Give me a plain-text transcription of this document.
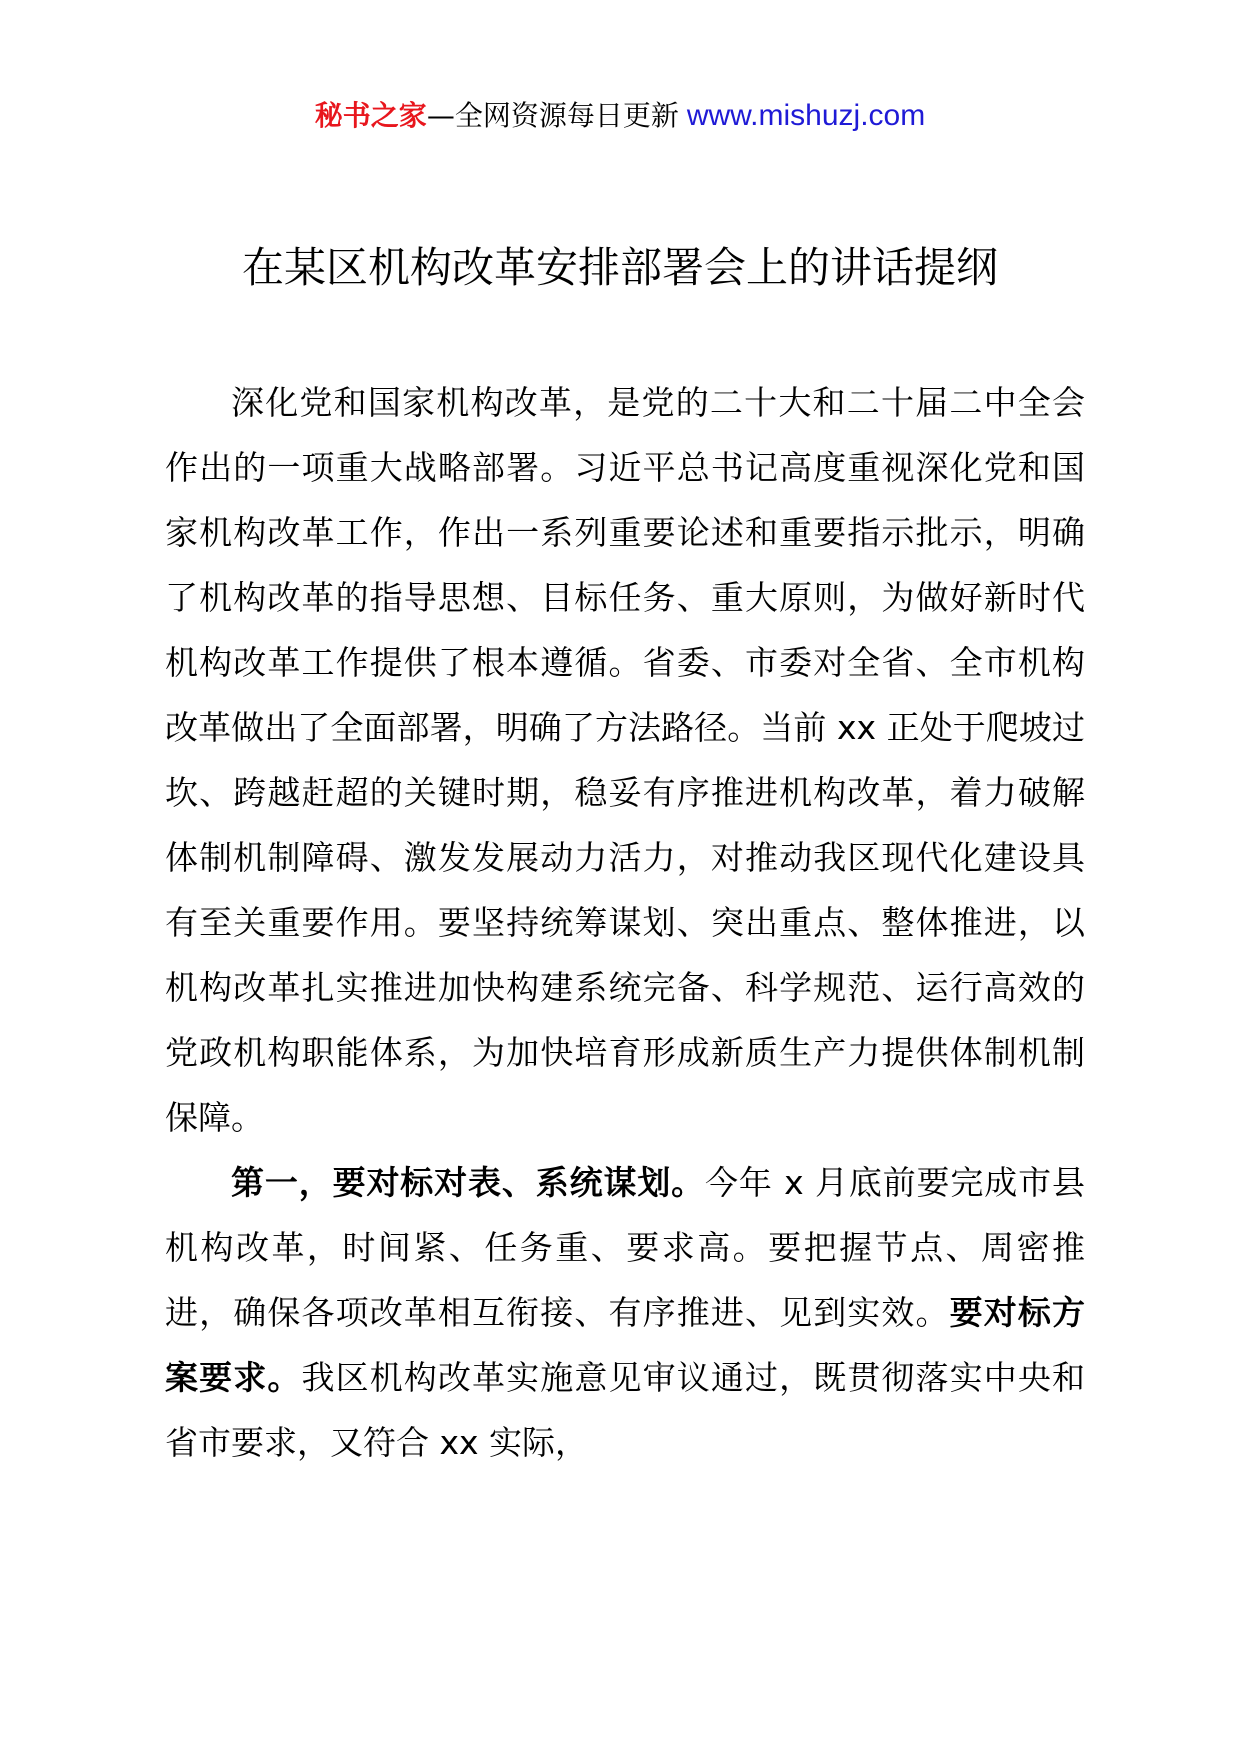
秘书之家—全网资源每日更新 www.mishuzj.com
在某区机构改革安排部署会上的讲话提纲

深化党和国家机构改革，是党的二十大和二十届二中全会作出的一项重大战略部署。习近平总书记高度重视深化党和国家机构改革工作，作出一系列重要论述和重要指示批示，明确了机构改革的指导思想、目标任务、重大原则，为做好新时代机构改革工作提供了根本遵循。省委、市委对全省、全市机构改革做出了全面部署，明确了方法路径。当前 xx 正处于爬坡过坎、跨越赶超的关键时期，稳妥有序推进机构改革，着力破解体制机制障碍、激发发展动力活力，对推动我区现代化建设具有至关重要作用。要坚持统筹谋划、突出重点、整体推进，以机构改革扎实推进加快构建系统完备、科学规范、运行高效的党政机构职能体系，为加快培育形成新质生产力提供体制机制保障。

第一，要对标对表、系统谋划。今年 x 月底前要完成市县机构改革，时间紧、任务重、要求高。要把握节点、周密推进，确保各项改革相互衔接、有序推进、见到实效。要对标方案要求。我区机构改革实施意见审议通过，既贯彻落实中央和省市要求，又符合 xx 实际，
